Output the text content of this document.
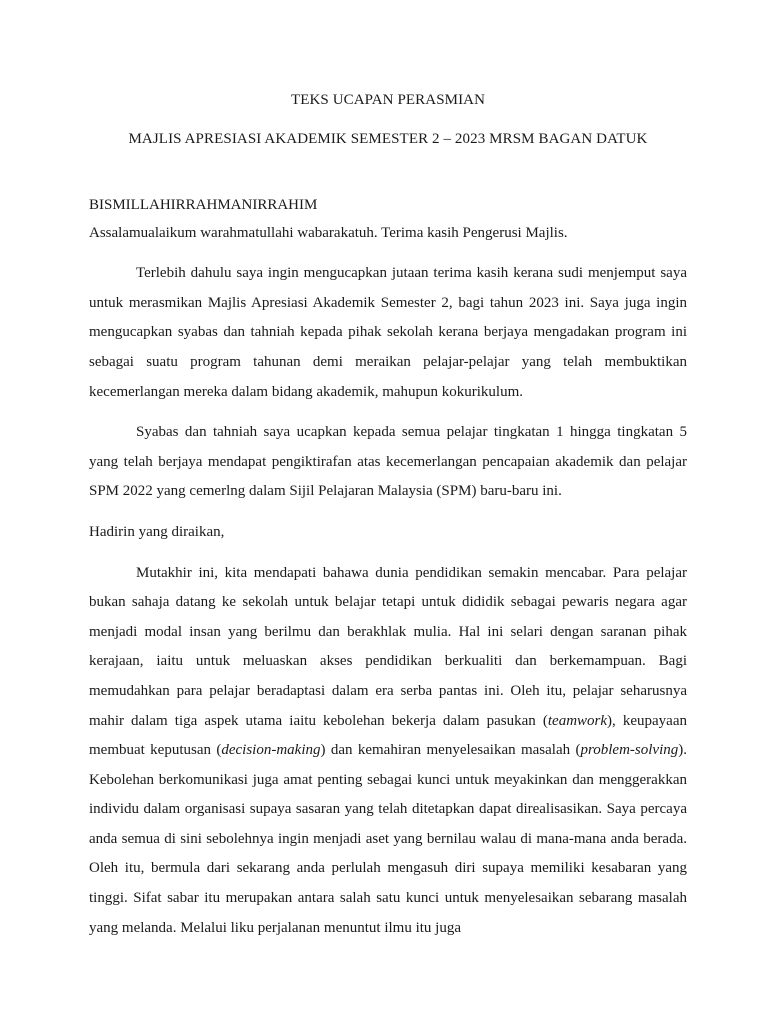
TEKS UCAPAN PERASMIAN
MAJLIS APRESIASI AKADEMIK SEMESTER 2 – 2023 MRSM BAGAN DATUK
BISMILLAHIRRAHMANIRRAHIM
Assalamualaikum warahmatullahi wabarakatuh. Terima kasih Pengerusi Majlis.

Terlebih dahulu saya ingin mengucapkan jutaan terima kasih kerana sudi menjemput saya untuk merasmikan Majlis Apresiasi Akademik Semester 2, bagi tahun 2023 ini. Saya juga ingin mengucapkan syabas dan tahniah kepada pihak sekolah kerana berjaya mengadakan program ini sebagai suatu program tahunan demi meraikan pelajar-pelajar yang telah membuktikan kecemerlangan mereka dalam bidang akademik, mahupun kokurikulum.

Syabas dan tahniah saya ucapkan kepada semua pelajar tingkatan 1 hingga tingkatan 5 yang telah berjaya mendapat pengiktirafan atas kecemerlangan pencapaian akademik dan pelajar SPM 2022 yang cemerlng dalam Sijil Pelajaran Malaysia (SPM) baru-baru ini.

Hadirin yang diraikan,

Mutakhir ini, kita mendapati bahawa dunia pendidikan semakin mencabar. Para pelajar bukan sahaja datang ke sekolah untuk belajar tetapi untuk dididik sebagai pewaris negara agar menjadi modal insan yang berilmu dan berakhlak mulia. Hal ini selari dengan saranan pihak kerajaan, iaitu untuk meluaskan akses pendidikan berkualiti dan berkemampuan. Bagi memudahkan para pelajar beradaptasi dalam era serba pantas ini. Oleh itu, pelajar seharusnya mahir dalam tiga aspek utama iaitu kebolehan bekerja dalam pasukan (teamwork), keupayaan membuat keputusan (decision-making) dan kemahiran menyelesaikan masalah (problem-solving). Kebolehan berkomunikasi juga amat penting sebagai kunci untuk meyakinkan dan menggerakkan individu dalam organisasi supaya sasaran yang telah ditetapkan dapat direalisasikan. Saya percaya anda semua di sini sebolehnya ingin menjadi aset yang bernilau walau di mana-mana anda berada. Oleh itu, bermula dari sekarang anda perlulah mengasuh diri supaya memiliki kesabaran yang tinggi. Sifat sabar itu merupakan antara salah satu kunci untuk menyelesaikan sebarang masalah yang melanda. Melalui liku perjalanan menuntut ilmu itu juga
